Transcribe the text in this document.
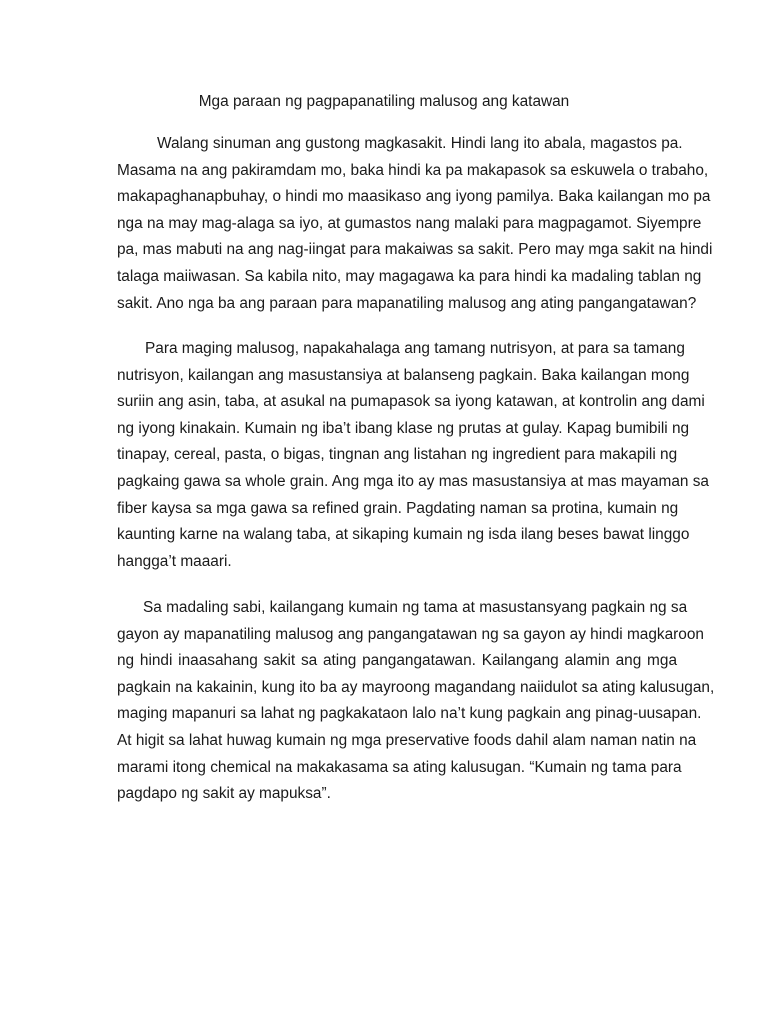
Mga paraan ng pagpapanatiling malusog ang katawan
Walang sinuman ang gustong magkasakit. Hindi lang ito abala, magastos pa.
Masama na ang pakiramdam mo, baka hindi ka pa makapasok sa eskuwela o trabaho,
makapaghanapbuhay, o hindi mo maasikaso ang iyong pamilya. Baka kailangan mo pa
nga na may mag-alaga sa iyo, at gumastos nang malaki para magpagamot. Siyempre
pa, mas mabuti na ang nag-iingat para makaiwas sa sakit. Pero may mga sakit na hindi
talaga maiiwasan. Sa kabila nito, may magagawa ka para hindi ka madaling tablan ng
sakit. Ano nga ba ang paraan para mapanatiling malusog ang ating pangangatawan?
Para maging malusog, napakahalaga ang tamang nutrisyon, at para sa tamang
nutrisyon, kailangan ang masustansiya at balanseng pagkain. Baka kailangan mong
suriin ang asin, taba, at asukal na pumapasok sa iyong katawan, at kontrolin ang dami
ng iyong kinakain. Kumain ng iba’t ibang klase ng prutas at gulay. Kapag bumibili ng
tinapay, cereal, pasta, o bigas, tingnan ang listahan ng ingredient para makapili ng
pagkaing gawa sa whole grain. Ang mga ito ay mas masustansiya at mas mayaman sa
fiber kaysa sa mga gawa sa refined grain. Pagdating naman sa protina, kumain ng
kaunting karne na walang taba, at sikaping kumain ng isda ilang beses bawat linggo
hangga’t maaari.
Sa madaling sabi, kailangang kumain ng tama at masustansyang pagkain ng sa
gayon ay mapanatiling malusog ang pangangatawan ng sa gayon ay hindi magkaroon
ng hindi inaasahang sakit sa ating pangangatawan. Kailangang alamin ang mga
pagkain na kakainin, kung ito ba ay mayroong magandang naiidulot sa ating kalusugan,
maging mapanuri sa lahat ng pagkakataon lalo na’t kung pagkain ang pinag-uusapan.
At higit sa lahat huwag kumain ng mga preservative foods dahil alam naman natin na
marami itong chemical na makakasama sa ating kalusugan. “Kumain ng tama para
pagdapo ng sakit ay mapuksa”.
